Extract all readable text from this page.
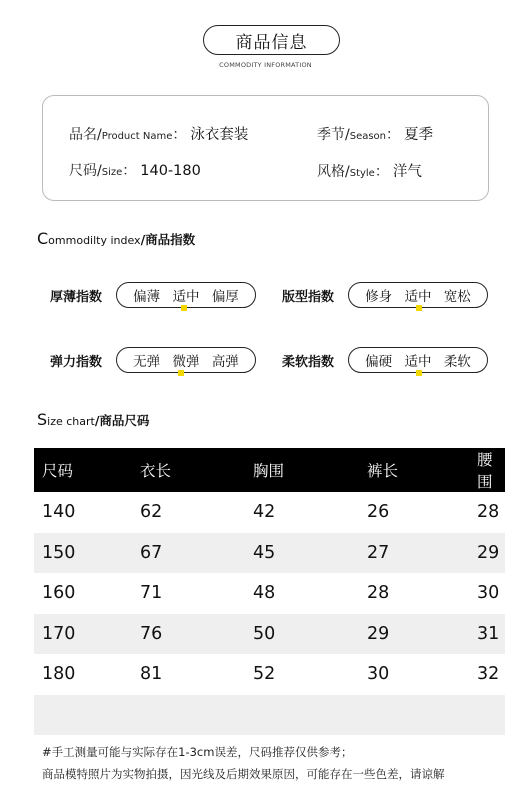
商品信息
COMMODITY INFORMATION
品名/ Product Name ： 泳衣套装	季节/ Season ： 夏季
尺码/ Size ： 140-180	风格/ Style ： 洋气
C ommodilty index /商品指数
厚薄指数	偏薄 适中 偏厚	版型指数	修身 适中 宽松
弹力指数	无弹 微弹 高弹	柔软指数	偏硬 适中 柔软
S ize chart /商品尺码
尺码	衣长	胸围	裤长	腰围
140	62	42	26	28
150	67	45	27	29
160	71	48	28	30
170	76	50	29	31
180	81	52	30	32

#手工测量可能与实际存在1-3cm误差，尺码推荐仅供参考；
商品模特照片为实物拍摄，因光线及后期效果原因，可能存在一些色差，请谅解
